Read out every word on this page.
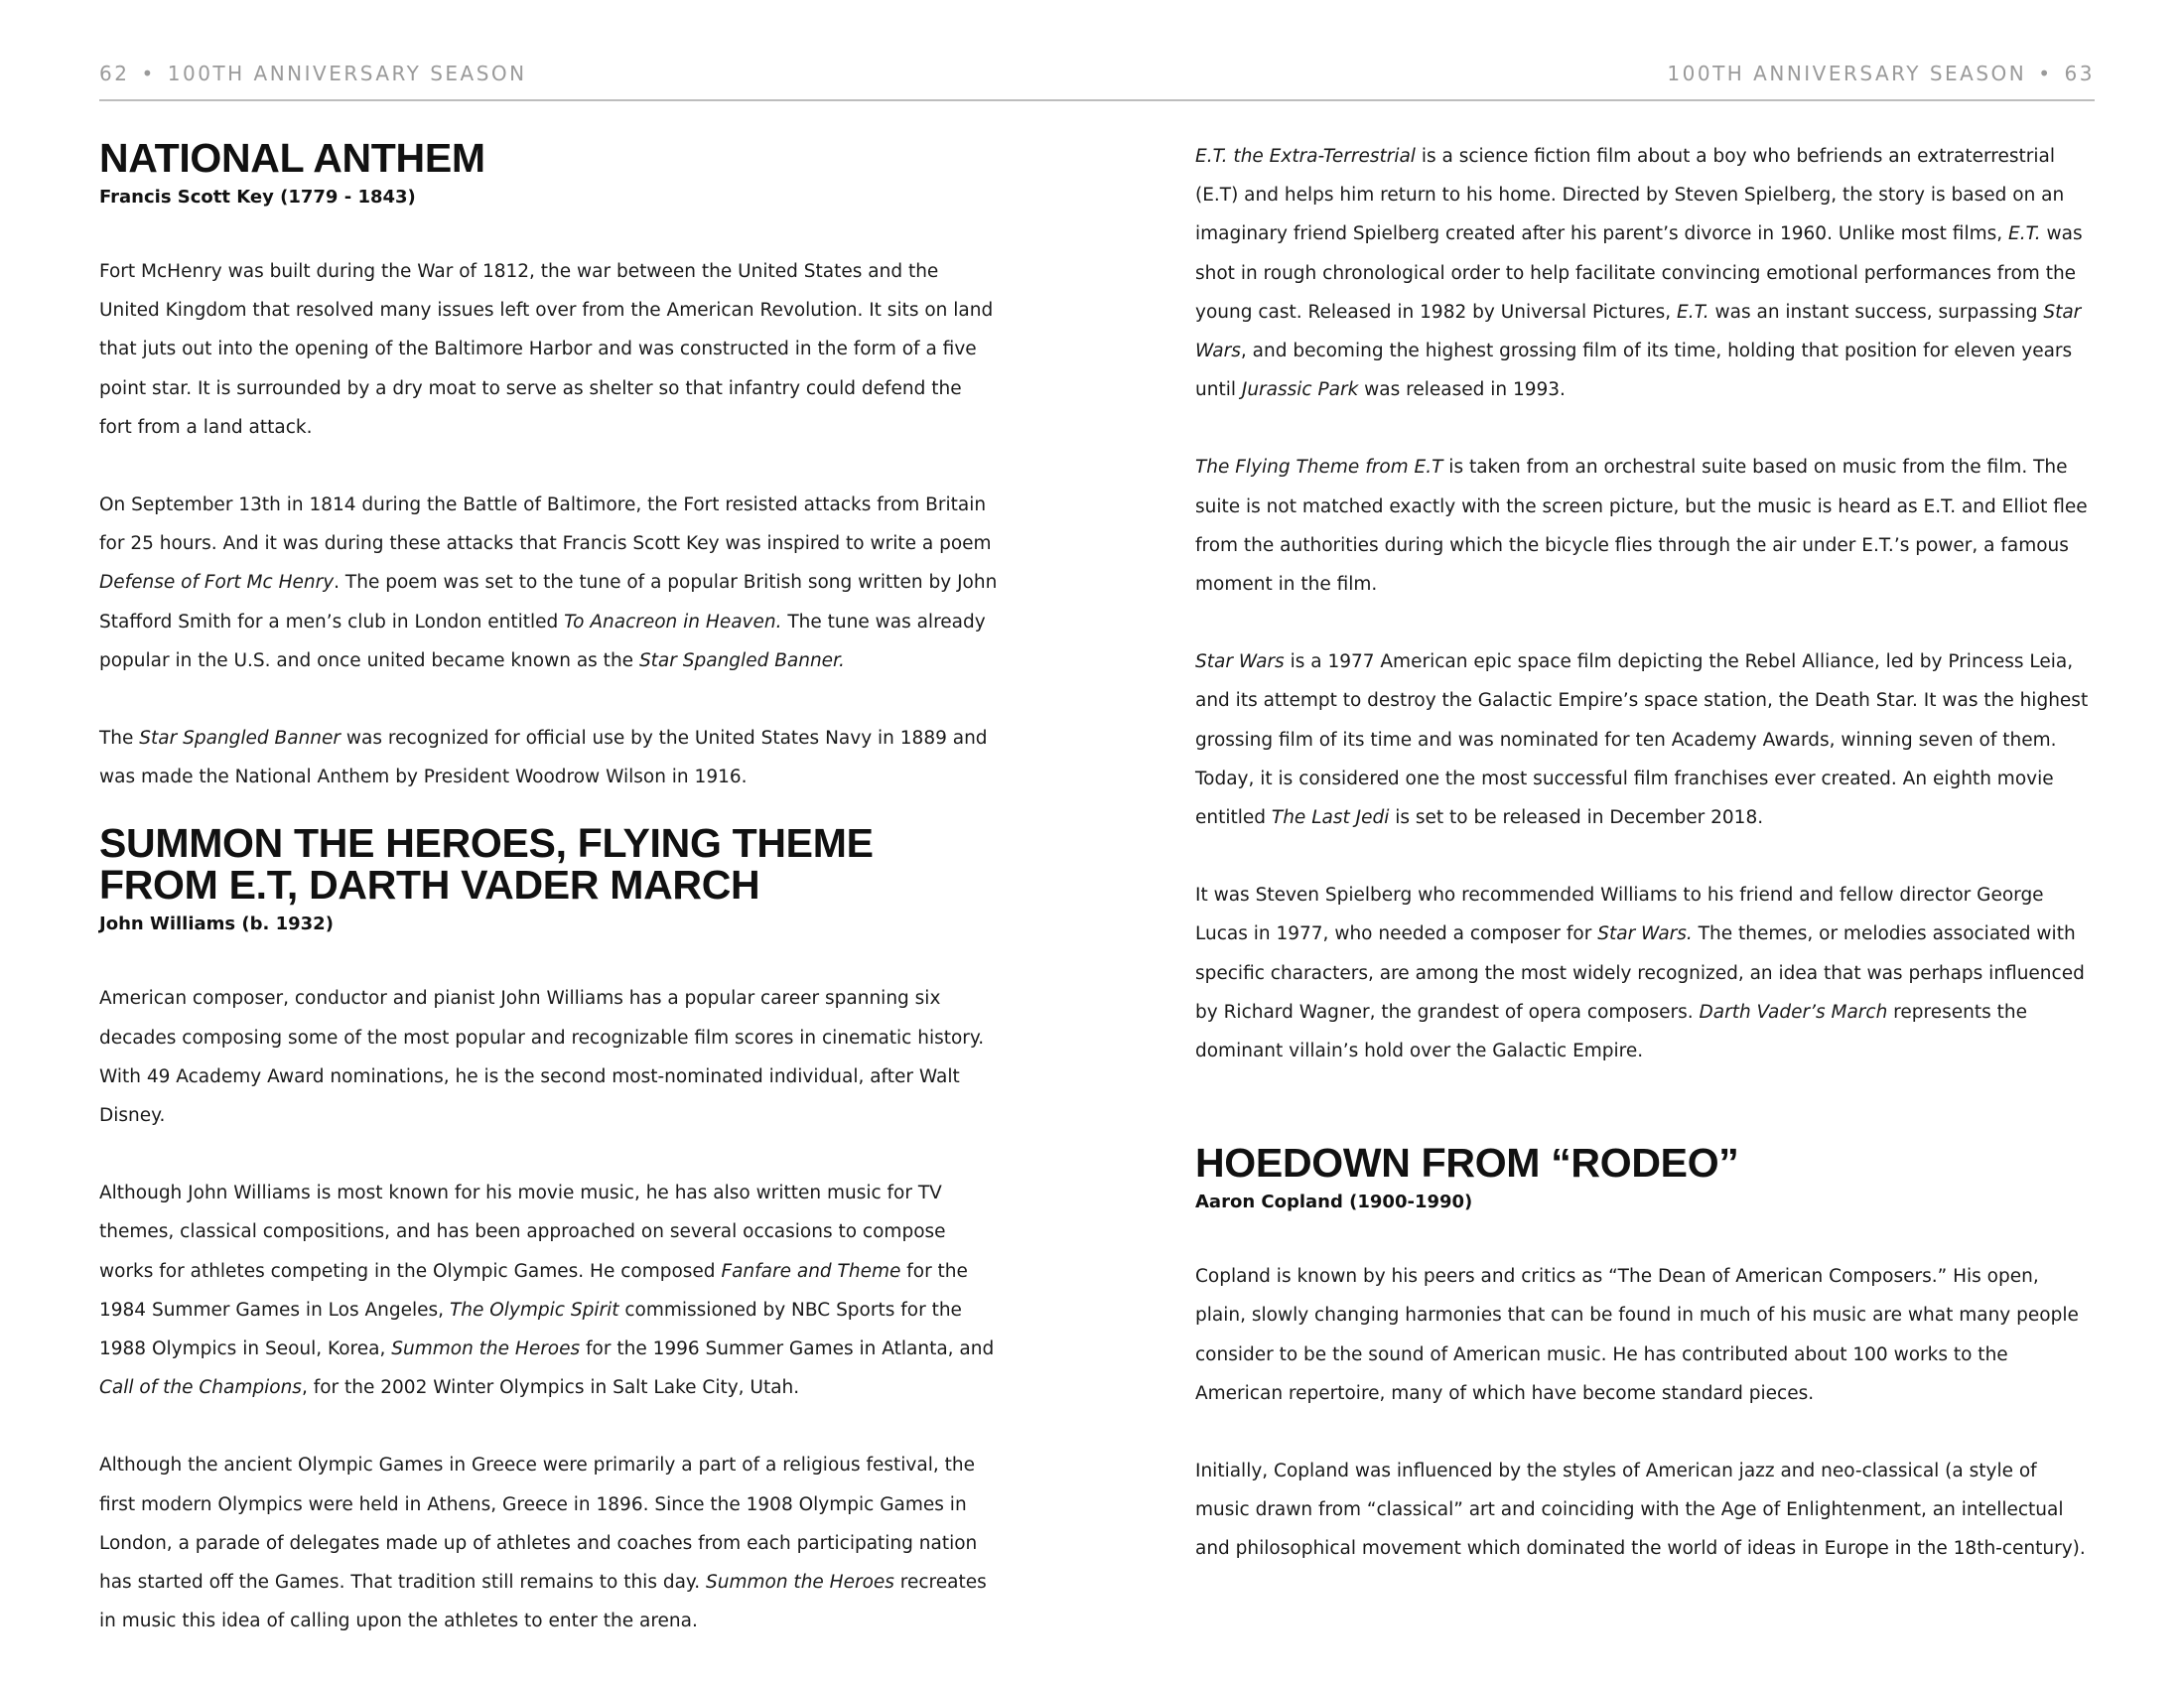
62 • 100TH ANNIVERSARY SEASON	100TH ANNIVERSARY SEASON • 63
NATIONAL ANTHEM
Francis Scott Key (1779 - 1843)

Fort McHenry was built during the War of 1812, the war between the United States and the United Kingdom that resolved many issues left over from the American Revolution. It sits on land that juts out into the opening of the Baltimore Harbor and was constructed in the form of a five point star. It is surrounded by a dry moat to serve as shelter so that infantry could defend the fort from a land attack.

On September 13th in 1814 during the Battle of Baltimore, the Fort resisted attacks from Britain for 25 hours. And it was during these attacks that Francis Scott Key was inspired to write a poem Defense of Fort Mc Henry. The poem was set to the tune of a popular British song written by John Stafford Smith for a men’s club in London entitled To Anacreon in Heaven. The tune was already popular in the U.S. and once united became known as the Star Spangled Banner.

The Star Spangled Banner was recognized for official use by the United States Navy in 1889 and was made the National Anthem by President Woodrow Wilson in 1916.

SUMMON THE HEROES, FLYING THEME FROM E.T, DARTH VADER MARCH
John Williams (b. 1932)

American composer, conductor and pianist John Williams has a popular career spanning six decades composing some of the most popular and recognizable film scores in cinematic history. With 49 Academy Award nominations, he is the second most-nominated individual, after Walt Disney.

Although John Williams is most known for his movie music, he has also written music for TV themes, classical compositions, and has been approached on several occasions to compose works for athletes competing in the Olympic Games. He composed Fanfare and Theme for the 1984 Summer Games in Los Angeles, The Olympic Spirit commissioned by NBC Sports for the 1988 Olympics in Seoul, Korea, Summon the Heroes for the 1996 Summer Games in Atlanta, and Call of the Champions, for the 2002 Winter Olympics in Salt Lake City, Utah.

Although the ancient Olympic Games in Greece were primarily a part of a religious festival, the first modern Olympics were held in Athens, Greece in 1896. Since the 1908 Olympic Games in London, a parade of delegates made up of athletes and coaches from each participating nation has started off the Games. That tradition still remains to this day. Summon the Heroes recreates in music this idea of calling upon the athletes to enter the arena.

E.T. the Extra-Terrestrial is a science fiction film about a boy who befriends an extraterrestrial (E.T) and helps him return to his home. Directed by Steven Spielberg, the story is based on an imaginary friend Spielberg created after his parent’s divorce in 1960. Unlike most films, E.T. was shot in rough chronological order to help facilitate convincing emotional performances from the young cast. Released in 1982 by Universal Pictures, E.T. was an instant success, surpassing Star Wars, and becoming the highest grossing film of its time, holding that position for eleven years until Jurassic Park was released in 1993.

The Flying Theme from E.T is taken from an orchestral suite based on music from the film. The suite is not matched exactly with the screen picture, but the music is heard as E.T. and Elliot flee from the authorities during which the bicycle flies through the air under E.T.’s power, a famous moment in the film.

Star Wars is a 1977 American epic space film depicting the Rebel Alliance, led by Princess Leia, and its attempt to destroy the Galactic Empire’s space station, the Death Star. It was the highest grossing film of its time and was nominated for ten Academy Awards, winning seven of them. Today, it is considered one the most successful film franchises ever created. An eighth movie entitled The Last Jedi is set to be released in December 2018.

It was Steven Spielberg who recommended Williams to his friend and fellow director George Lucas in 1977, who needed a composer for Star Wars. The themes, or melodies associated with specific characters, are among the most widely recognized, an idea that was perhaps influenced by Richard Wagner, the grandest of opera composers. Darth Vader’s March represents the dominant villain’s hold over the Galactic Empire.

HOEDOWN FROM “RODEO”
Aaron Copland (1900-1990)

Copland is known by his peers and critics as “The Dean of American Composers.” His open, plain, slowly changing harmonies that can be found in much of his music are what many people consider to be the sound of American music. He has contributed about 100 works to the American repertoire, many of which have become standard pieces.

Initially, Copland was influenced by the styles of American jazz and neo-classical (a style of music drawn from “classical” art and coinciding with the Age of Enlightenment, an intellectual and philosophical movement which dominated the world of ideas in Europe in the 18th-century).
